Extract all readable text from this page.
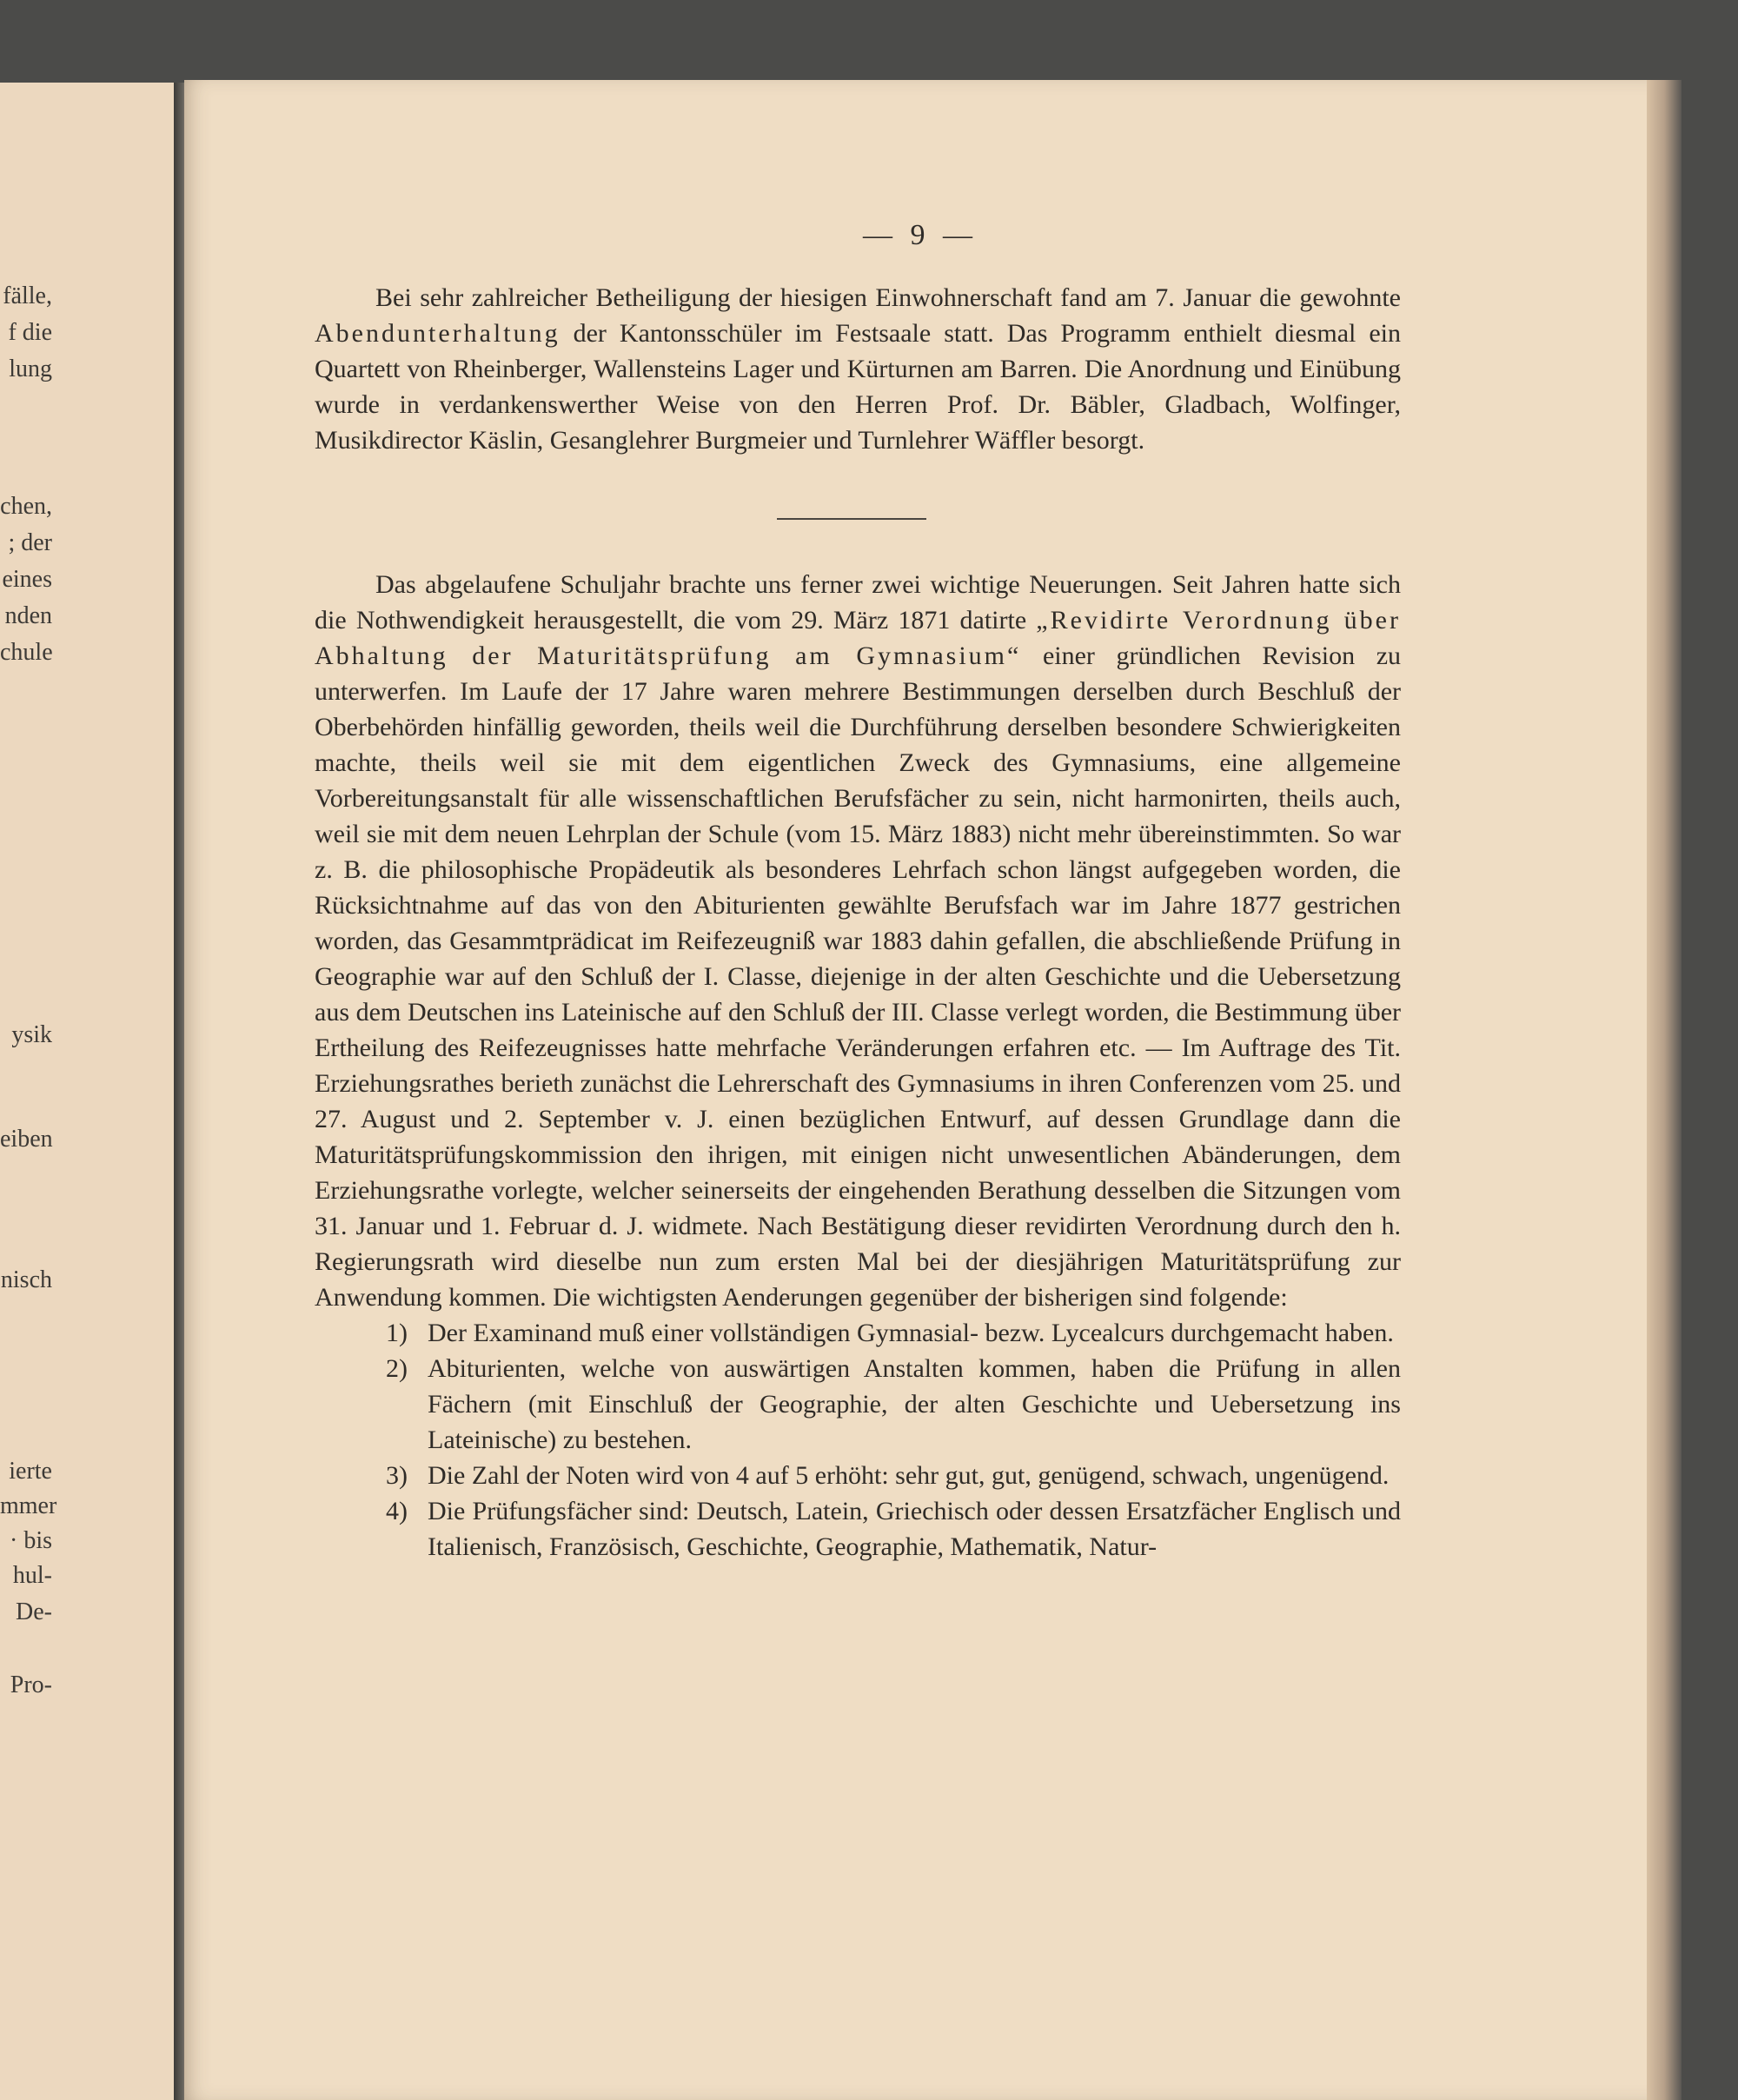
fälle,
f die
lung
chen,
; der
eines
nden
chule
ysik
eiben
nisch
ierte
mmer
· bis
hul-
De-
Pro-
— 9 —

Bei sehr zahlreicher Betheiligung der hiesigen Einwohnerschaft fand am 7. Januar die gewohnte Abendunterhaltung der Kantonsschüler im Festsaale statt. Das Programm enthielt diesmal ein Quartett von Rheinberger, Wallensteins Lager und Kürturnen am Barren. Die Anordnung und Einübung wurde in verdankenswerther Weise von den Herren Prof. Dr. Bäbler, Gladbach, Wolfinger, Musikdirector Käslin, Gesanglehrer Burgmeier und Turnlehrer Wäffler besorgt.

Das abgelaufene Schuljahr brachte uns ferner zwei wichtige Neuerungen. Seit Jahren hatte sich die Nothwendigkeit herausgestellt, die vom 29. März 1871 datirte „Revidirte Verordnung über Abhaltung der Maturitätsprüfung am Gymnasium“ einer gründlichen Revision zu unterwerfen. Im Laufe der 17 Jahre waren mehrere Bestimmungen derselben durch Beschluß der Oberbehörden hinfällig geworden, theils weil die Durchführung derselben besondere Schwierigkeiten machte, theils weil sie mit dem eigentlichen Zweck des Gymnasiums, eine allgemeine Vorbereitungsanstalt für alle wissenschaftlichen Berufsfächer zu sein, nicht harmonirten, theils auch, weil sie mit dem neuen Lehrplan der Schule (vom 15. März 1883) nicht mehr übereinstimmten. So war z. B. die philosophische Propädeutik als besonderes Lehrfach schon längst aufgegeben worden, die Rücksichtnahme auf das von den Abiturienten gewählte Berufsfach war im Jahre 1877 gestrichen worden, das Gesammtprädicat im Reifezeugniß war 1883 dahin gefallen, die abschließende Prüfung in Geographie war auf den Schluß der I. Classe, diejenige in der alten Geschichte und die Uebersetzung aus dem Deutschen ins Lateinische auf den Schluß der III. Classe verlegt worden, die Bestimmung über Ertheilung des Reifezeugnisses hatte mehrfache Veränderungen erfahren etc. — Im Auftrage des Tit. Erziehungsrathes berieth zunächst die Lehrerschaft des Gymnasiums in ihren Conferenzen vom 25. und 27. August und 2. September v. J. einen bezüglichen Entwurf, auf dessen Grundlage dann die Maturitätsprüfungskommission den ihrigen, mit einigen nicht unwesentlichen Abänderungen, dem Erziehungsrathe vorlegte, welcher seinerseits der eingehenden Berathung desselben die Sitzungen vom 31. Januar und 1. Februar d. J. widmete. Nach Bestätigung dieser revidirten Verordnung durch den h. Regierungsrath wird dieselbe nun zum ersten Mal bei der diesjährigen Maturitätsprüfung zur Anwendung kommen. Die wichtigsten Aenderungen gegenüber der bisherigen sind folgende:

1) Der Examinand muß einer vollständigen Gymnasial- bezw. Lycealcurs durchgemacht haben.
2) Abiturienten, welche von auswärtigen Anstalten kommen, haben die Prüfung in allen Fächern (mit Einschluß der Geographie, der alten Geschichte und Uebersetzung ins Lateinische) zu bestehen.
3) Die Zahl der Noten wird von 4 auf 5 erhöht: sehr gut, gut, genügend, schwach, ungenügend.
4) Die Prüfungsfächer sind: Deutsch, Latein, Griechisch oder dessen Ersatzfächer Englisch und Italienisch, Französisch, Geschichte, Geographie, Mathematik, Natur-
